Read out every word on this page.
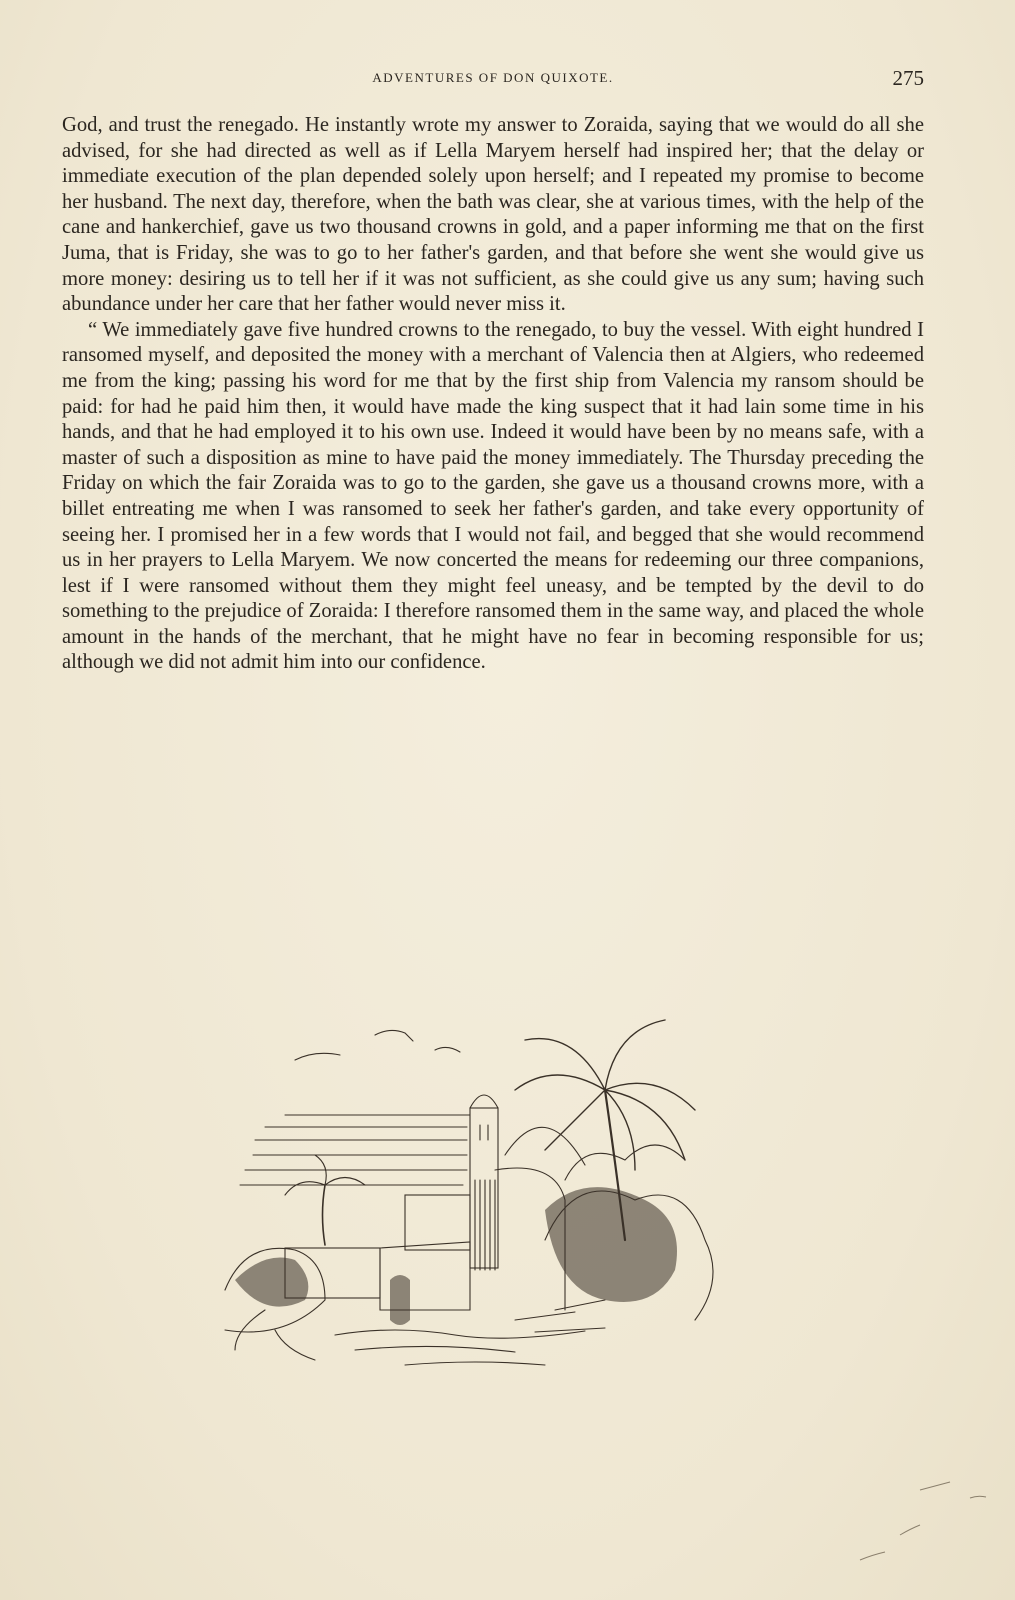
ADVENTURES OF DON QUIXOTE.	275

God, and trust the renegado. He instantly wrote my answer to Zoraida, saying that we would do all she advised, for she had directed as well as if Lella Maryem herself had inspired her; that the delay or immediate execution of the plan depended solely upon herself; and I repeated my promise to become her husband. The next day, therefore, when the bath was clear, she at various times, with the help of the cane and hankerchief, gave us two thousand crowns in gold, and a paper informing me that on the first Juma, that is Friday, she was to go to her father's garden, and that before she went she would give us more money: desiring us to tell her if it was not sufficient, as she could give us any sum; having such abundance under her care that her father would never miss it.

“ We immediately gave five hundred crowns to the renegado, to buy the vessel. With eight hundred I ransomed myself, and deposited the money with a merchant of Valencia then at Algiers, who redeemed me from the king; passing his word for me that by the first ship from Valencia my ransom should be paid: for had he paid him then, it would have made the king suspect that it had lain some time in his hands, and that he had employed it to his own use. Indeed it would have been by no means safe, with a master of such a disposition as mine to have paid the money immediately. The Thursday preceding the Friday on which the fair Zoraida was to go to the garden, she gave us a thousand crowns more, with a billet entreating me when I was ransomed to seek her father's garden, and take every opportunity of seeing her. I promised her in a few words that I would not fail, and begged that she would recommend us in her prayers to Lella Maryem. We now concerted the means for redeeming our three companions, lest if I were ransomed without them they might feel uneasy, and be tempted by the devil to do something to the prejudice of Zoraida: I therefore ransomed them in the same way, and placed the whole amount in the hands of the merchant, that he might have no fear in becoming responsible for us; although we did not admit him into our confidence.
